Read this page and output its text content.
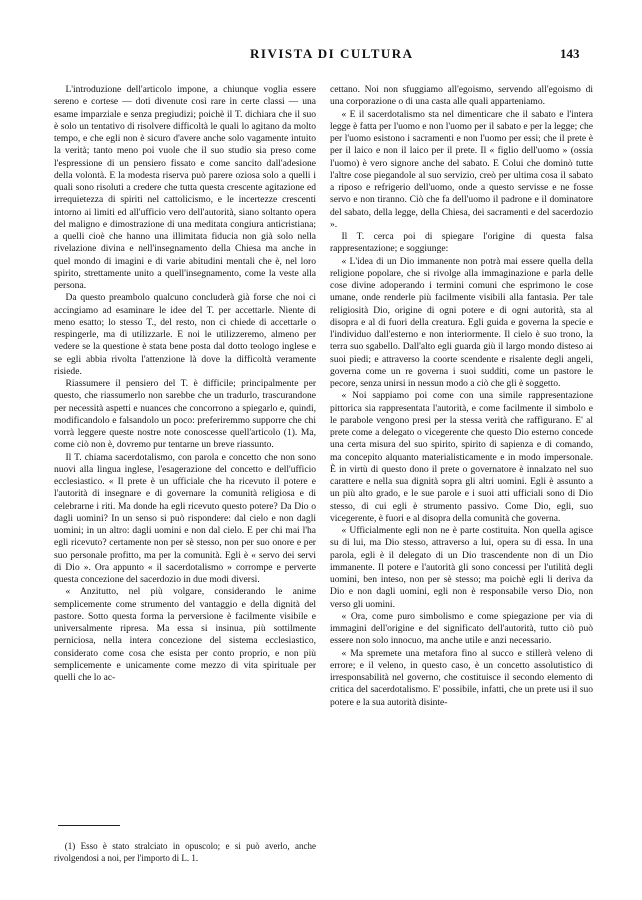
RIVISTA DI CULTURA	143

L'introduzione dell'articolo impone, a chiunque voglia essere sereno e cortese — doti divenute così rare in certe classi — una esame imparziale e senza pregiudizi; poichè il T. dichiara che il suo è solo un tentativo di risolvere difficoltà le quali lo agitano da molto tempo, e che egli non è sicuro d'avere anche solo vagamente intuito la verità; tanto meno poi vuole che il suo studio sia preso come l'espressione di un pensiero fissato e come sancito dall'adesione della volontà. E la modesta riserva può parere oziosa solo a quelli i quali sono risoluti a credere che tutta questa crescente agitazione ed irrequietezza di spiriti nel cattolicismo, e le incertezze crescenti intorno ai limiti ed all'ufficio vero dell'autorità, siano soltanto opera del maligno e dimostrazione di una meditata congiura anticristiana; a quelli cioè che hanno una illimitata fiducia non già solo nella rivelazione divina e nell'insegnamento della Chiesa ma anche in quel mondo di imagini e di varie abitudini mentali che è, nel loro spirito, strettamente unito a quell'insegnamento, come la veste alla persona.

Da questo preambolo qualcuno concluderà già forse che noi ci accingiamo ad esaminare le idee del T. per accettarle. Niente di meno esatto; lo stesso T., del resto, non ci chiede di accettarle o respingerle, ma di utilizzarle. E noi le utilizzeremo, almeno per vedere se la questione è stata bene posta dal dotto teologo inglese e se egli abbia rivolta l'attenzione là dove la difficoltà veramente risiede.

Riassumere il pensiero del T. è difficile; principalmente per questo, che riassumerlo non sarebbe che un tradurlo, trascurandone per necessità aspetti e nuances che concorrono a spiegarlo e, quindi, modificandolo e falsandolo un poco: preferiremmo supporre che chi vorrà leggere queste nostre note conoscesse quell'articolo (1). Ma, come ciò non è, dovremo pur tentarne un breve riassunto.

Il T. chiama sacerdotalismo, con parola e concetto che non sono nuovi alla lingua inglese, l'esagerazione del concetto e dell'ufficio ecclesiastico. « Il prete è un ufficiale che ha ricevuto il potere e l'autorità di insegnare e di governare la comunità religiosa e di celebrarne i riti. Ma donde ha egli ricevuto questo potere? Da Dio o dagli uomini? In un senso si può rispondere: dal cielo e non dagli uomini; in un altro: dagli uomini e non dal cielo. E per chi mai l'ha egli ricevuto? certamente non per sè stesso, non per suo onore e per suo personale profitto, ma per la comunità. Egli è « servo dei servi di Dio ». Ora appunto « il sacerdotalismo » corrompe e perverte questa concezione del sacerdozio in due modi diversi.

« Anzitutto, nel più volgare, considerando le anime semplicemente come strumento del vantaggio e della dignità del pastore. Sotto questa forma la perversione è facilmente visibile e universalmente ripresa. Ma essa si insinua, più sottilmente perniciosa, nella intera concezione del sistema ecclesiastico, considerato come cosa che esista per conto proprio, e non più semplicemente e unicamente come mezzo di vita spirituale per quelli che lo ac-

(1) Esso è stato stralciato in opuscolo; e si può averlo, anche rivolgendosi a noi, per l'importo di L. 1.

cettano. Noi non sfuggiamo all'egoismo, servendo all'egoismo di una corporazione o di una casta alle quali apparteniamo.

« E il sacerdotalismo sta nel dimenticare che il sabato e l'intera legge è fatta per l'uomo e non l'uomo per il sabato e per la legge; che per l'uomo esistono i sacramenti e non l'uomo per essi; che il prete è per il laico e non il laico per il prete. Il « figlio dell'uomo » (ossia l'uomo) è vero signore anche del sabato. E Colui che dominò tutte l'altre cose piegandole al suo servizio, creò per ultima cosa il sabato a riposo e refrigerio dell'uomo, onde a questo servisse e ne fosse servo e non tiranno. Ciò che fa dell'uomo il padrone e il dominatore del sabato, della legge, della Chiesa, dei sacramenti e del sacerdozio ».

Il T. cerca poi di spiegare l'origine di questa falsa rappresentazione; e soggiunge:

« L'idea di un Dio immanente non potrà mai essere quella della religione popolare, che si rivolge alla immaginazione e parla delle cose divine adoperando i termini comuni che esprimono le cose umane, onde renderle più facilmente visibili alla fantasia. Per tale religiosità Dio, origine di ogni potere e di ogni autorità, sta al disopra e al di fuori della creatura. Egli guida e governa la specie e l'individuo dall'esterno e non interiormente. Il cielo è suo trono, la terra suo sgabello. Dall'alto egli guarda giù il largo mondo disteso ai suoi piedi; e attraverso la coorte scendente e risalente degli angeli, governa come un re governa i suoi sudditi, come un pastore le pecore, senza unirsi in nessun modo a ciò che gli è soggetto.

« Noi sappiamo poi come con una simile rappresentazione pittorica sia rappresentata l'autorità, e come facilmente il simbolo e le parabole vengono presi per la stessa verità che raffigurano. E' al prete come a delegato o vicegerente che questo Dio esterno concede una certa misura del suo spirito, spirito di sapienza e di comando, ma concepito alquanto materialisticamente e in modo impersonale. È in virtù di questo dono il prete o governatore è innalzato nel suo carattere e nella sua dignità sopra gli altri uomini. Egli è assunto a un più alto grado, e le sue parole e i suoi atti ufficiali sono di Dio stesso, di cui egli è strumento passivo. Come Dio, egli, suo vicegerente, è fuori e al disopra della comunità che governa.

« Ufficialmente egli non ne è parte costituita. Non quella agisce su di lui, ma Dio stesso, attraverso a lui, opera su di essa. In una parola, egli è il delegato di un Dio trascendente non di un Dio immanente. Il potere e l'autorità gli sono concessi per l'utilità degli uomini, ben inteso, non per sè stesso; ma poichè egli li deriva da Dio e non dagli uomini, egli non è responsabile verso Dio, non verso gli uomini.

« Ora, come puro simbolismo e come spiegazione per via di immagini dell'origine e del significato dell'autorità, tutto ciò può essere non solo innocuo, ma anche utile e anzi necessario.

« Ma spremete una metafora fino al succo e stillerà veleno di errore; e il veleno, in questo caso, è un concetto assolutistico di irresponsabilità nel governo, che costituisce il secondo elemento di critica del sacerdotalismo. E' possibile, infatti, che un prete usi il suo potere e la sua autorità disinte-
